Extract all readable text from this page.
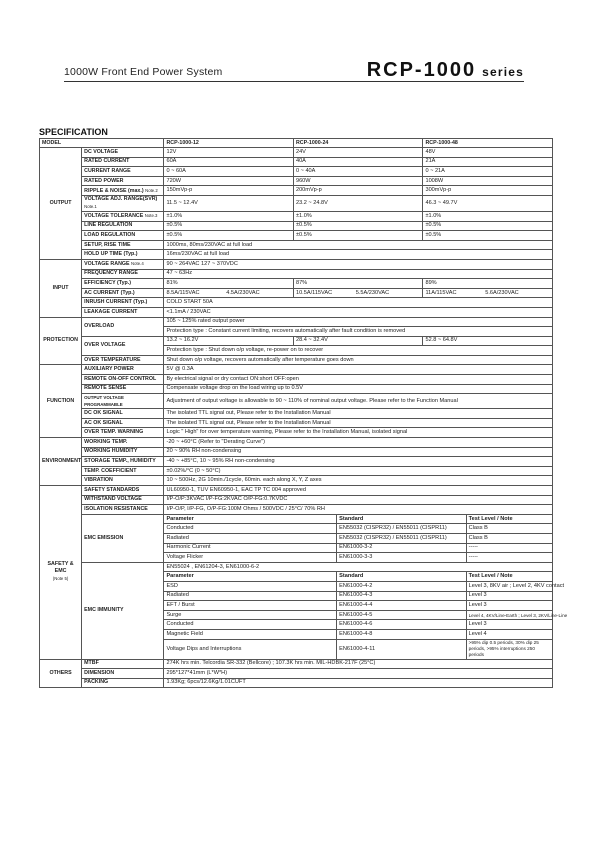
1000W Front End Power System	RCP-1000 series
SPECIFICATION
MODEL		RCP-1000-12	RCP-1000-24		RCP-1000-48	
OUTPUT	DC VOLTAGE	12V	24V		48V	
	RATED CURRENT	60A	40A		21A	
	CURRENT RANGE	0 ~ 60A	0 ~ 40A		0 ~ 21A	
	RATED POWER	720W	960W		1008W	
	RIPPLE & NOISE (max.) Note.2	150mVp-p	200mVp-p		300mVp-p	
	VOLTAGE ADJ. RANGE(SVR) Note.1	11.5 ~ 12.4V	23.2 ~ 24.8V		46.3 ~ 49.7V	
	VOLTAGE TOLERANCE Note.3	±1.0%	±1.0%		±1.0%	
	LINE REGULATION	±0.5%	±0.5%		±0.5%	
	LOAD REGULATION	±0.5%	±0.5%		±0.5%	
	SETUP, RISE TIME	1000ms, 80ms/230VAC at full load				
	HOLD UP TIME (Typ.)	16ms/230VAC at full load				
INPUT	VOLTAGE RANGE Note.4	90 ~ 264VAC 127 ~ 370VDC				
	FREQUENCY RANGE	47 ~ 63Hz				
	EFFICIENCY (Typ.)	81%	87%		89%	
	AC CURRENT (Typ.)	8.5A/115VAC 4.5A/230VAC	10.5A/115VAC 5.5A/230VAC		11A/115VAC 5.6A/230VAC	
	INRUSH CURRENT (Typ.)	COLD START 50A				
	LEAKAGE CURRENT	<1.1mA / 230VAC				
PROTECTION	OVERLOAD	105 ~ 125% rated output power				
		Protection type : Constant current limiting, recovers automatically after fault condition is removed				
	OVER VOLTAGE	13.2 ~ 16.2V	28.4 ~ 32.4V		52.8 ~ 64.8V	
		Protection type : Shut down o/p voltage, re-power on to recover				
	OVER TEMPERATURE	Shut down o/p voltage, recovers automatically after temperature goes down				
FUNCTION	AUXILIARY POWER	5V @ 0.3A				
	REMOTE ON-OFF CONTROL	By electrical signal or dry contact ON:short OFF:open				
	REMOTE SENSE	Compensate voltage drop on the load wiring up to 0.5V				
	OUTPUT VOLTAGE PROGRAMMABLE	Adjustment of output voltage is allowable to 90 ~ 110% of nominal output voltage. Please refer to the Function Manual				
	DC OK SIGNAL	The isolated TTL signal out, Please refer to the Installation Manual				
	AC OK SIGNAL	The isolated TTL signal out, Please refer to the Installation Manual				
	OVER TEMP. WARNING	Logic " High" for over temperature warning, Please refer to the Installation Manual, isolated signal				
ENVIRONMENT	WORKING TEMP.	-20 ~ +60°C (Refer to "Derating Curve")				
	WORKING HUMIDITY	20 ~ 90% RH non-condensing				
	STORAGE TEMP., HUMIDITY	-40 ~ +85°C, 10 ~ 95% RH non-condensing				
	TEMP. COEFFICIENT	±0.02%/°C (0 ~ 50°C)				
	VIBRATION	10 ~ 500Hz, 2G 10min./1cycle, 60min. each along X, Y, Z axes				
SAFETY &
EMC
(Note 5)	SAFETY STANDARDS	UL60950-1, TUV EN60950-1, EAC TP TC 004 approved				
	WITHSTAND VOLTAGE	I/P-O/P:3KVAC I/P-FG:2KVAC O/P-FG:0.7KVDC				
	ISOLATION RESISTANCE	I/P-O/P, I/P-FG, O/P-FG:100M Ohms / 500VDC / 25°C/ 70% RH				
	EMC EMISSION	Parameter		Standard		Test Level / Note
		Conducted		EN55032 (CISPR32) / EN55011 (CISPR11)		Class B
		Radiated		EN55032 (CISPR32) / EN55011 (CISPR11)		Class B
		Harmonic Current		EN61000-3-2		-----
		Voltage Flicker		EN61000-3-3		-----
	EMC IMMUNITY	EN55024 , EN61204-3, EN61000-6-2				
		Parameter		Standard		Test Level / Note
		ESD		EN61000-4-2		Level 3, 8KV air ; Level 2, 4KV contact
		Radiated		EN61000-4-3		Level 3
		EFT / Burst		EN61000-4-4		Level 3
		Surge		EN61000-4-5		Level 4, 4KV/Line-Earth ; Level 3, 2KV/Line-Line
		Conducted		EN61000-4-6		Level 3
		Magnetic Field		EN61000-4-8		Level 4
		Voltage Dips and Interruptions		EN61000-4-11		>95% dip 0.5 periods, 30% dip 25 periods, >95% interruptions 250 periods
OTHERS	MTBF	274K hrs min. Telcordia SR-332 (Bellcore) ; 107.3K hrs min. MIL-HDBK-217F (25°C)				
	DIMENSION	295*127*41mm (L*W*H)				
	PACKING	1.93Kg; 6pcs/12.6Kg/1.01CUFT				
